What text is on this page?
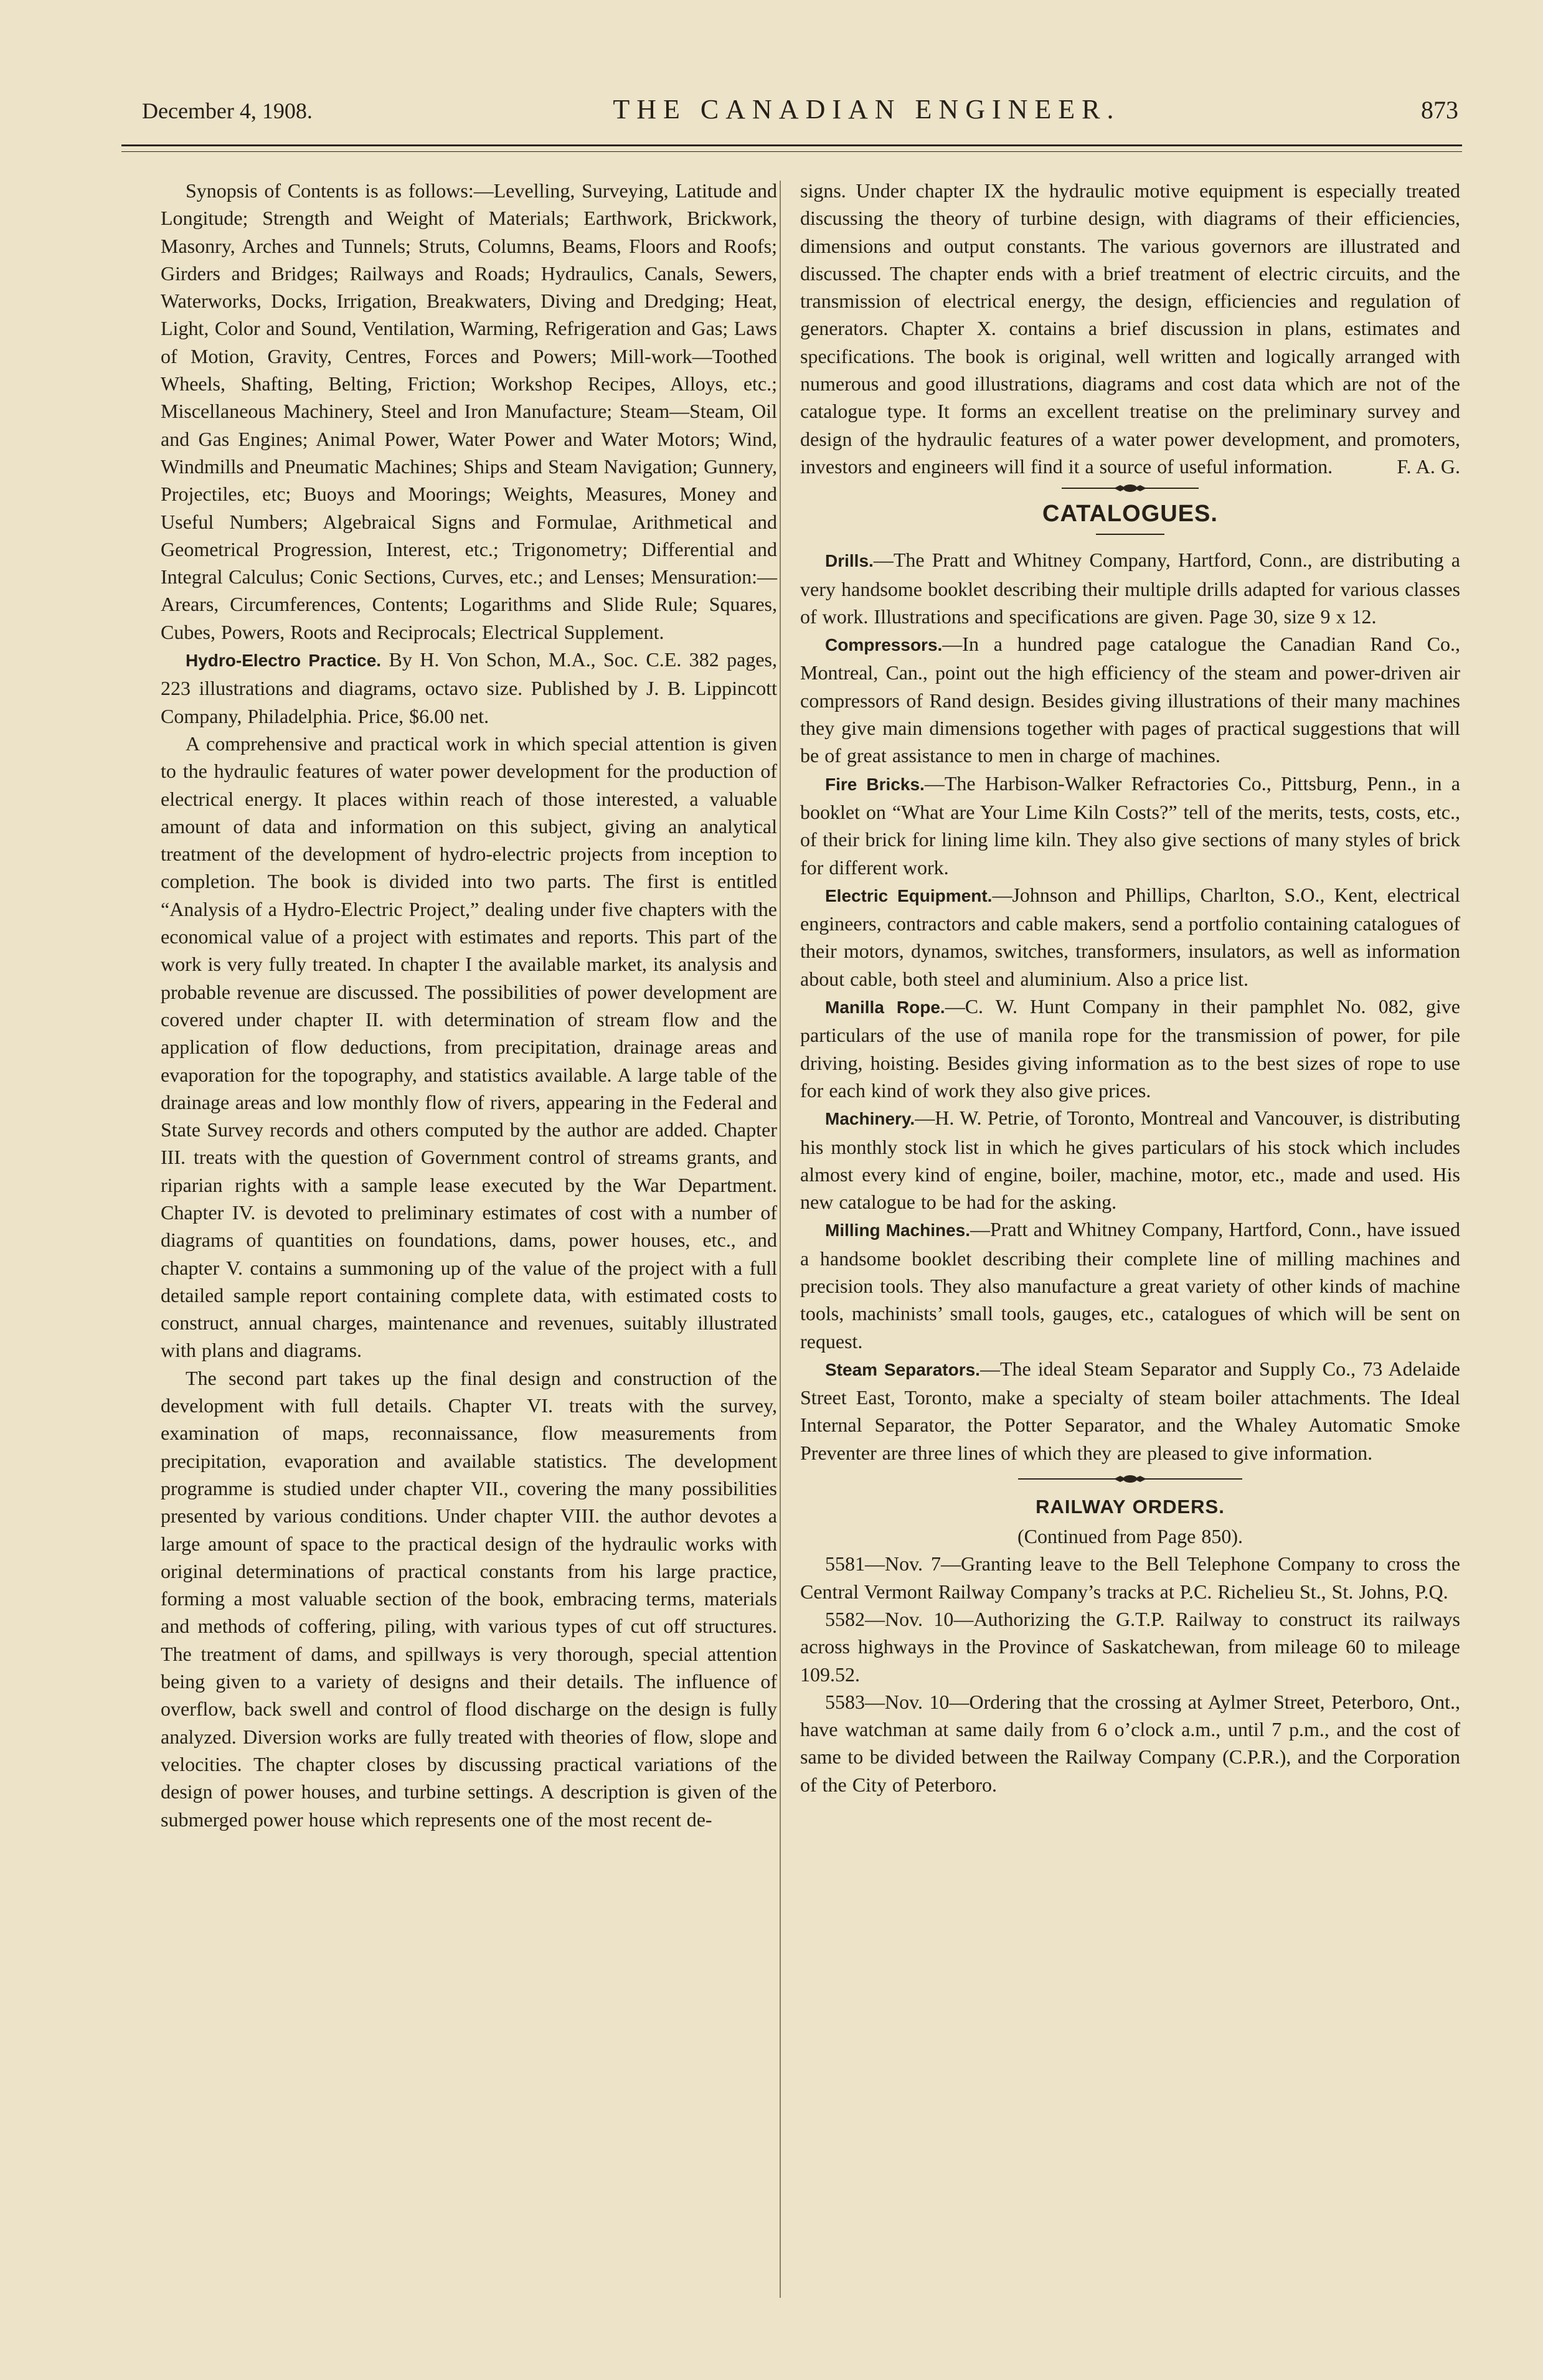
December 4, 1908.	THE CANADIAN ENGINEER.	873

Synopsis of Contents is as follows:—Levelling, Surveying, Latitude and Longitude; Strength and Weight of Materials; Earthwork, Brickwork, Masonry, Arches and Tunnels; Struts, Columns, Beams, Floors and Roofs; Girders and Bridges; Railways and Roads; Hydraulics, Canals, Sewers, Waterworks, Docks, Irrigation, Breakwaters, Diving and Dredging; Heat, Light, Color and Sound, Ventilation, Warming, Refrigeration and Gas; Laws of Motion, Gravity, Centres, Forces and Powers; Mill-work—Toothed Wheels, Shafting, Belting, Friction; Workshop Recipes, Alloys, etc.; Miscellaneous Machinery, Steel and Iron Manufacture; Steam—Steam, Oil and Gas Engines; Animal Power, Water Power and Water Motors; Wind, Windmills and Pneumatic Machines; Ships and Steam Navigation; Gunnery, Projectiles, etc; Buoys and Moorings; Weights, Measures, Money and Useful Numbers; Algebraical Signs and Formulae, Arithmetical and Geometrical Progression, Interest, etc.; Trigonometry; Differential and Integral Calculus; Conic Sections, Curves, etc.; and Lenses; Mensuration:—Arears, Circumferences, Contents; Logarithms and Slide Rule; Squares, Cubes, Powers, Roots and Reciprocals; Electrical Supplement.

Hydro-Electro Practice. By H. Von Schon, M.A., Soc. C.E. 382 pages, 223 illustrations and diagrams, octavo size. Published by J. B. Lippincott Company, Philadelphia. Price, $6.00 net.

A comprehensive and practical work in which special attention is given to the hydraulic features of water power development for the production of electrical energy. It places within reach of those interested, a valuable amount of data and information on this subject, giving an analytical treatment of the development of hydro-electric projects from inception to completion. The book is divided into two parts. The first is entitled “Analysis of a Hydro-Electric Project,” dealing under five chapters with the economical value of a project with estimates and reports. This part of the work is very fully treated. In chapter I the available market, its analysis and probable revenue are discussed. The possibilities of power development are covered under chapter II. with determination of stream flow and the application of flow deductions, from precipitation, drainage areas and evaporation for the topography, and statistics available. A large table of the drainage areas and low monthly flow of rivers, appearing in the Federal and State Survey records and others computed by the author are added. Chapter III. treats with the question of Government control of streams grants, and riparian rights with a sample lease executed by the War Department. Chapter IV. is devoted to preliminary estimates of cost with a number of diagrams of quantities on foundations, dams, power houses, etc., and chapter V. contains a summoning up of the value of the project with a full detailed sample report containing complete data, with estimated costs to construct, annual charges, maintenance and revenues, suitably illustrated with plans and diagrams.

The second part takes up the final design and construction of the development with full details. Chapter VI. treats with the survey, examination of maps, reconnaissance, flow measurements from precipitation, evaporation and available statistics. The development programme is studied under chapter VII., covering the many possibilities presented by various conditions. Under chapter VIII. the author devotes a large amount of space to the practical design of the hydraulic works with original determinations of practical constants from his large practice, forming a most valuable section of the book, embracing terms, materials and methods of coffering, piling, with various types of cut off structures. The treatment of dams, and spillways is very thorough, special attention being given to a variety of designs and their details. The influence of overflow, back swell and control of flood discharge on the design is fully analyzed. Diversion works are fully treated with theories of flow, slope and velocities. The chapter closes by discussing practical variations of the design of power houses, and turbine settings. A description is given of the submerged power house which represents one of the most recent de-

signs. Under chapter IX the hydraulic motive equipment is especially treated discussing the theory of turbine design, with diagrams of their efficiencies, dimensions and output constants. The various governors are illustrated and discussed. The chapter ends with a brief treatment of electric circuits, and the transmission of electrical energy, the design, efficiencies and regulation of generators. Chapter X. contains a brief discussion in plans, estimates and specifications. The book is original, well written and logically arranged with numerous and good illustrations, diagrams and cost data which are not of the catalogue type. It forms an excellent treatise on the preliminary survey and design of the hydraulic features of a water power development, and promoters, investors and engineers will find it a source of useful information.	F. A. G.

CATALOGUES.

Drills.—The Pratt and Whitney Company, Hartford, Conn., are distributing a very handsome booklet describing their multiple drills adapted for various classes of work. Illustrations and specifications are given. Page 30, size 9 x 12.

Compressors.—In a hundred page catalogue the Canadian Rand Co., Montreal, Can., point out the high efficiency of the steam and power-driven air compressors of Rand design. Besides giving illustrations of their many machines they give main dimensions together with pages of practical suggestions that will be of great assistance to men in charge of machines.

Fire Bricks.—The Harbison-Walker Refractories Co., Pittsburg, Penn., in a booklet on “What are Your Lime Kiln Costs?” tell of the merits, tests, costs, etc., of their brick for lining lime kiln. They also give sections of many styles of brick for different work.

Electric Equipment.—Johnson and Phillips, Charlton, S.O., Kent, electrical engineers, contractors and cable makers, send a portfolio containing catalogues of their motors, dynamos, switches, transformers, insulators, as well as information about cable, both steel and aluminium. Also a price list.

Manilla Rope.—C. W. Hunt Company in their pamphlet No. 082, give particulars of the use of manila rope for the transmission of power, for pile driving, hoisting. Besides giving information as to the best sizes of rope to use for each kind of work they also give prices.

Machinery.—H. W. Petrie, of Toronto, Montreal and Vancouver, is distributing his monthly stock list in which he gives particulars of his stock which includes almost every kind of engine, boiler, machine, motor, etc., made and used. His new catalogue to be had for the asking.

Milling Machines.—Pratt and Whitney Company, Hartford, Conn., have issued a handsome booklet describing their complete line of milling machines and precision tools. They also manufacture a great variety of other kinds of machine tools, machinists’ small tools, gauges, etc., catalogues of which will be sent on request.

Steam Separators.—The ideal Steam Separator and Supply Co., 73 Adelaide Street East, Toronto, make a specialty of steam boiler attachments. The Ideal Internal Separator, the Potter Separator, and the Whaley Automatic Smoke Preventer are three lines of which they are pleased to give information.

RAILWAY ORDERS.

(Continued from Page 850).

5581—Nov. 7—Granting leave to the Bell Telephone Company to cross the Central Vermont Railway Company’s tracks at P.C. Richelieu St., St. Johns, P.Q.

5582—Nov. 10—Authorizing the G.T.P. Railway to construct its railways across highways in the Province of Saskatchewan, from mileage 60 to mileage 109.52.

5583—Nov. 10—Ordering that the crossing at Aylmer Street, Peterboro, Ont., have watchman at same daily from 6 o’clock a.m., until 7 p.m., and the cost of same to be divided between the Railway Company (C.P.R.), and the Corporation of the City of Peterboro.
